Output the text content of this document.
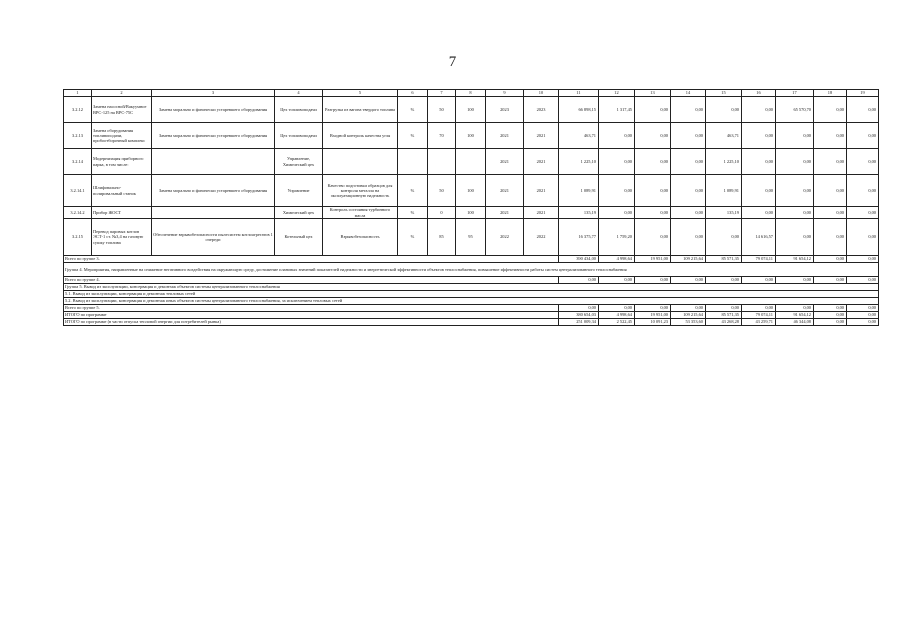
7
1	2	3	4	5	6	7	8	9	10	11	12	13	14	15	16	17	18	19
3.2.12	Замена насосной/Вакуумное ВРС-125 на ВРС-75С	Замена морально и физически устаревшего оборудования	Цех топливоподачи	Разгрузка из вагона твердого топлива	%	50	100	2023	2023	66 898,15	1 317,45	0,00	0,00	0,00	0,00	65 570,70	0,00	0,00
3.2.13	Замена оборудования топливоподачи, пробоотборочный комплекс	Замена морально и физически устаревшего оборудования	Цех топливоподачи	Входной контроль качества угля	%	70	100	2021	2021	463,71	0,00	0,00	0,00	463,71	0,00	0,00	0,00	0,00
3.2.14	Модернизация приборного парка, в том числе:		Управление, Химический цех					2021	2021	1 225,10	0,00	0,00	0,00	1 225,10	0,00	0,00	0,00	0,00
3.2.14.1	Шлифовально-полировальный станок	Замена морально и физически устаревшего оборудования	Управление	Качество подготовки образцов для контроля металла на эксплуатационную надежность	%	50	100	2021	2021	1 089,91	0,00	0,00	0,00	1 089,91	0,00	0,00	0,00	0,00
3.2.14.2	Прибор ЖОСТ		Химический цех	Контроль состояния турбинного масла	%	0	100	2021	2021	135,19	0,00	0,00	0,00	135,19	0,00	0,00	0,00	0,00
3.2.15	Перевод паровых котлов ЭСТ-1 ст. №3,4 на газовую сушку топлива	Обеспечение взрывобезопасности пылесистем котлоагрегатов 1 очереди	Котельный цех	Взрывобезопасность	%	85	95	2022	2022	16 375,77	1 759,20	0,00	0,00	0,00	14 616,57	0,00	0,00	0,00
Всего по группе 3.										390 434,00	4 998,64	19 951,00	109 215,64	85 571,35	79 074,11	91 654,12	0,00	0,00
Группа 4. Мероприятия, направленные на снижение негативного воздействия на окружающую среду, достижение плановых значений показателей надежности и энергетической эффективности объектов теплоснабжения, повышение эффективности работы систем централизованного теплоснабжения																		
Всего по группе 4.										0,00	0,00	0,00	0,00	0,00	0,00	0,00	0,00	0,00
Группа 5. Вывод из эксплуатации, консервация и демонтаж объектов системы централизованного теплоснабжения																		
5.1. Вывод из эксплуатации, консервация и демонтаж тепловых сетей																		
5.2. Вывод из эксплуатации, консервация и демонтаж иных объектов системы централизованного теплоснабжения, за исключением тепловых сетей																		
Всего по группе 5.										0,00	0,00	0,00	0,00	0,00	0,00	0,00	0,00	0,00
ИТОГО по программе										380 654,03	4 998,64	19 951,00	109 215,64	85 571,35	79 074,11	91 654,12	0,00	0,00
ИТОГО по программе (в части отпуска тепловой энергии для потребителей рынка)										251 009,34	2 522,45	10 091,23	53 353,60	43 268,28	43 259,71	46 344,08	0,00	0,00
